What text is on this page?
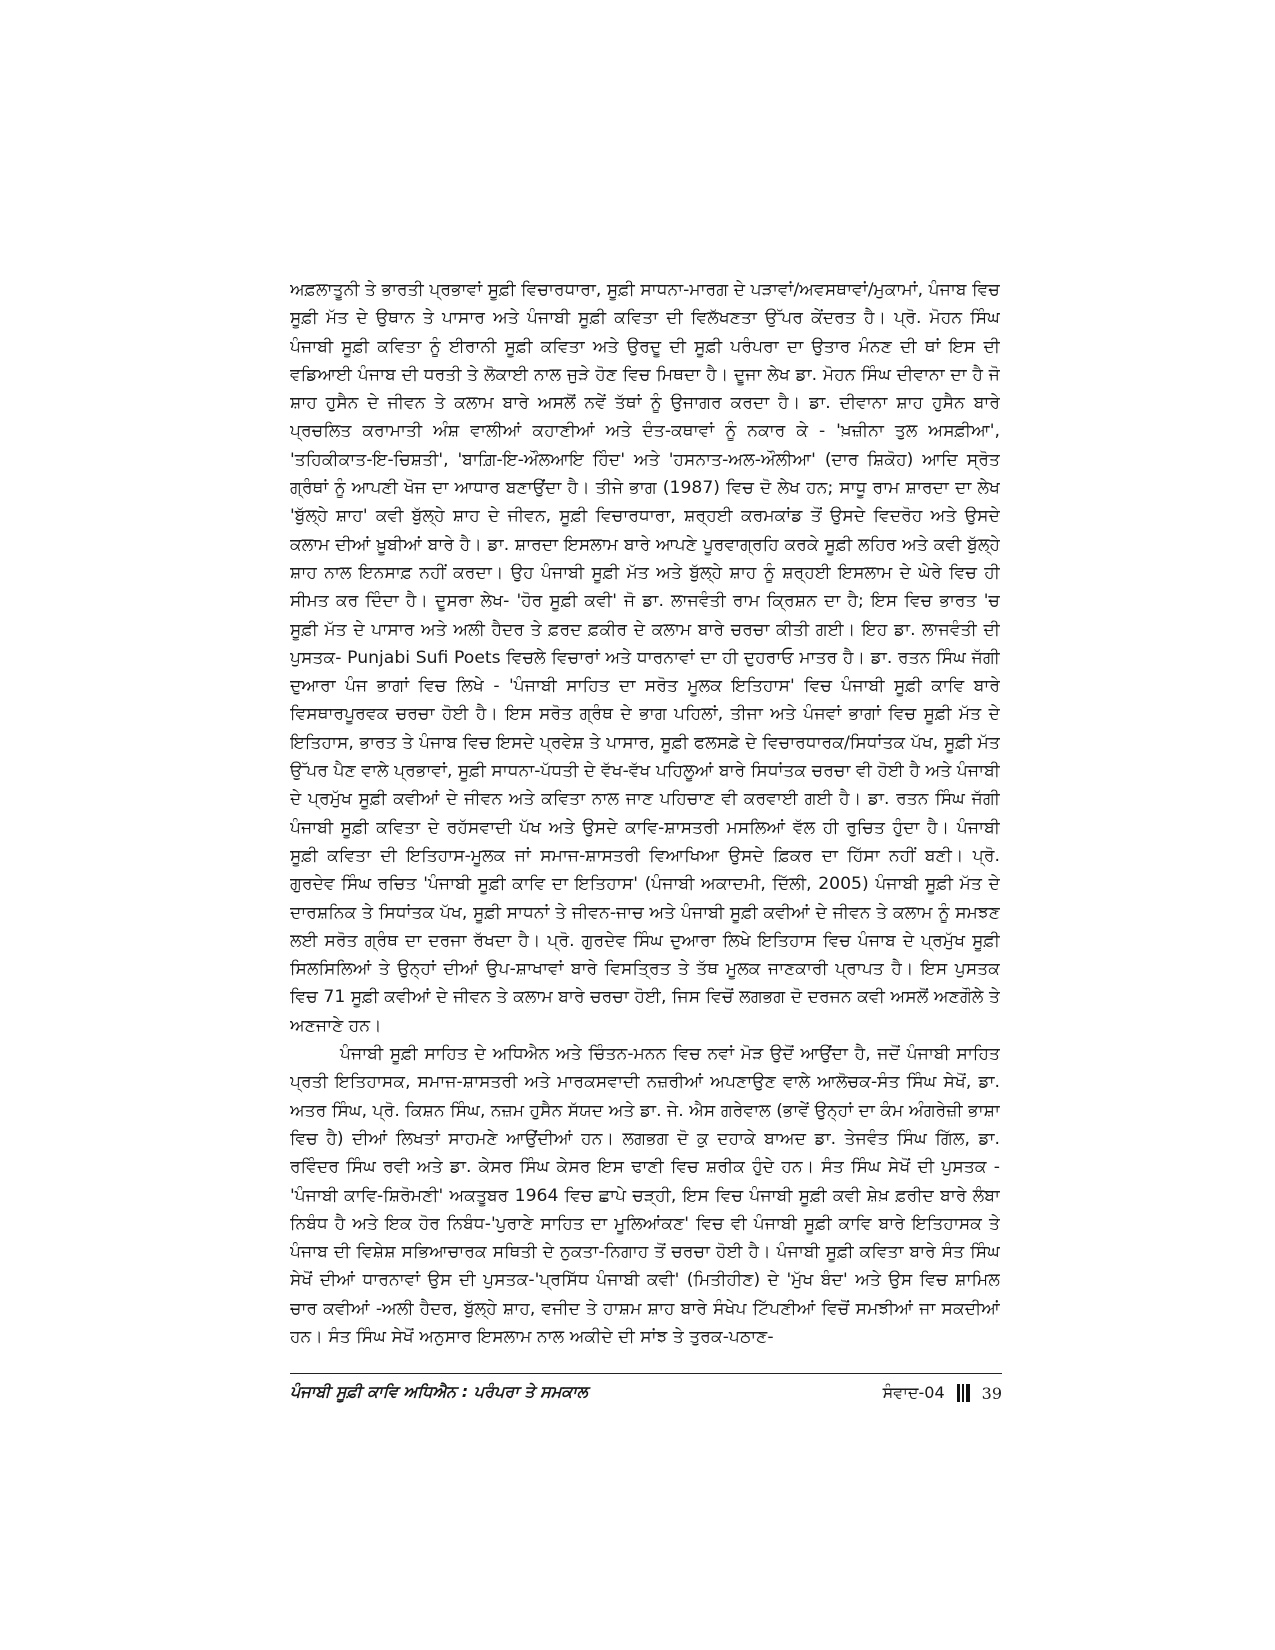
ਅਫ਼ਲਾਤੂਨੀ ਤੇ ਭਾਰਤੀ ਪ੍ਰਭਾਵਾਂ ਸੂਫ਼ੀ ਵਿਚਾਰਧਾਰਾ, ਸੂਫ਼ੀ ਸਾਧਨਾ-ਮਾਰਗ ਦੇ ਪੜਾਵਾਂ/ਅਵਸਥਾਵਾਂ/ਮੁਕਾਮਾਂ, ਪੰਜਾਬ ਵਿਚ ਸੂਫ਼ੀ ਮੱਤ ਦੇ ਉਥਾਨ ਤੇ ਪਾਸਾਰ ਅਤੇ ਪੰਜਾਬੀ ਸੂਫ਼ੀ ਕਵਿਤਾ ਦੀ ਵਿਲੱਖਣਤਾ ਉੱਪਰ ਕੇਂਦਰਤ ਹੈ। ਪ੍ਰੋ. ਮੋਹਨ ਸਿੰਘ ਪੰਜਾਬੀ ਸੂਫ਼ੀ ਕਵਿਤਾ ਨੂੰ ਈਰਾਨੀ ਸੂਫ਼ੀ ਕਵਿਤਾ ਅਤੇ ਉਰਦੂ ਦੀ ਸੂਫ਼ੀ ਪਰੰਪਰਾ ਦਾ ਉਤਾਰ ਮੰਨਣ ਦੀ ਥਾਂ ਇਸ ਦੀ ਵਡਿਆਈ ਪੰਜਾਬ ਦੀ ਧਰਤੀ ਤੇ ਲੋਕਾਈ ਨਾਲ ਜੁੜੇ ਹੋਣ ਵਿਚ ਮਿਥਦਾ ਹੈ। ਦੂਜਾ ਲੇਖ ਡਾ. ਮੋਹਨ ਸਿੰਘ ਦੀਵਾਨਾ ਦਾ ਹੈ ਜੋ ਸ਼ਾਹ ਹੁਸੈਨ ਦੇ ਜੀਵਨ ਤੇ ਕਲਾਮ ਬਾਰੇ ਅਸਲੋਂ ਨਵੇਂ ਤੱਥਾਂ ਨੂੰ ਉਜਾਗਰ ਕਰਦਾ ਹੈ। ਡਾ. ਦੀਵਾਨਾ ਸ਼ਾਹ ਹੁਸੈਨ ਬਾਰੇ ਪ੍ਰਚਲਿਤ ਕਰਾਮਾਤੀ ਅੰਸ਼ ਵਾਲੀਆਂ ਕਹਾਣੀਆਂ ਅਤੇ ਦੰਤ-ਕਥਾਵਾਂ ਨੂੰ ਨਕਾਰ ਕੇ - 'ਖ਼ਜ਼ੀਨਾ ਤੁਲ ਅਸਫ਼ੀਆ', 'ਤਹਿਕੀਕਾਤ-ਇ-ਚਿਸ਼ਤੀ', 'ਬਾਗ਼ਿ-ਇ-ਔਲਆਇ ਹਿੰਦ' ਅਤੇ 'ਹਸਨਾਤ-ਅਲ-ਔਲੀਆ' (ਦਾਰ ਸ਼ਿਕੋਹ) ਆਦਿ ਸ੍ਰੋਤ ਗ੍ਰੰਥਾਂ ਨੂੰ ਆਪਣੀ ਖੋਜ ਦਾ ਆਧਾਰ ਬਣਾਉਂਦਾ ਹੈ। ਤੀਜੇ ਭਾਗ (1987) ਵਿਚ ਦੋ ਲੇਖ ਹਨ; ਸਾਧੂ ਰਾਮ ਸ਼ਾਰਦਾ ਦਾ ਲੇਖ 'ਬੁੱਲ੍ਹੇ ਸ਼ਾਹ' ਕਵੀ ਬੁੱਲ੍ਹੇ ਸ਼ਾਹ ਦੇ ਜੀਵਨ, ਸੂਫ਼ੀ ਵਿਚਾਰਧਾਰਾ, ਸ਼ਰ੍ਹਈ ਕਰਮਕਾਂਡ ਤੋਂ ਉਸਦੇ ਵਿਦਰੋਹ ਅਤੇ ਉਸਦੇ ਕਲਾਮ ਦੀਆਂ ਖ਼ੂਬੀਆਂ ਬਾਰੇ ਹੈ। ਡਾ. ਸ਼ਾਰਦਾ ਇਸਲਾਮ ਬਾਰੇ ਆਪਣੇ ਪੂਰਵਾਗ੍ਰਹਿ ਕਰਕੇ ਸੂਫ਼ੀ ਲਹਿਰ ਅਤੇ ਕਵੀ ਬੁੱਲ੍ਹੇ ਸ਼ਾਹ ਨਾਲ ਇਨਸਾਫ਼ ਨਹੀਂ ਕਰਦਾ। ਉਹ ਪੰਜਾਬੀ ਸੂਫ਼ੀ ਮੱਤ ਅਤੇ ਬੁੱਲ੍ਹੇ ਸ਼ਾਹ ਨੂੰ ਸ਼ਰ੍ਹਈ ਇਸਲਾਮ ਦੇ ਘੇਰੇ ਵਿਚ ਹੀ ਸੀਮਤ ਕਰ ਦਿੰਦਾ ਹੈ। ਦੂਸਰਾ ਲੇਖ- 'ਹੋਰ ਸੂਫ਼ੀ ਕਵੀ' ਜੋ ਡਾ. ਲਾਜਵੰਤੀ ਰਾਮ ਕ੍ਰਿਸ਼ਨ ਦਾ ਹੈ; ਇਸ ਵਿਚ ਭਾਰਤ 'ਚ ਸੂਫ਼ੀ ਮੱਤ ਦੇ ਪਾਸਾਰ ਅਤੇ ਅਲੀ ਹੈਦਰ ਤੇ ਫ਼ਰਦ ਫ਼ਕੀਰ ਦੇ ਕਲਾਮ ਬਾਰੇ ਚਰਚਾ ਕੀਤੀ ਗਈ। ਇਹ ਡਾ. ਲਾਜਵੰਤੀ ਦੀ ਪੁਸਤਕ- Punjabi Sufi Poets ਵਿਚਲੇ ਵਿਚਾਰਾਂ ਅਤੇ ਧਾਰਨਾਵਾਂ ਦਾ ਹੀ ਦੁਹਰਾਓ ਮਾਤਰ ਹੈ। ਡਾ. ਰਤਨ ਸਿੰਘ ਜੱਗੀ ਦੁਆਰਾ ਪੰਜ ਭਾਗਾਂ ਵਿਚ ਲਿਖੇ - 'ਪੰਜਾਬੀ ਸਾਹਿਤ ਦਾ ਸਰੋਤ ਮੂਲਕ ਇਤਿਹਾਸ' ਵਿਚ ਪੰਜਾਬੀ ਸੂਫ਼ੀ ਕਾਵਿ ਬਾਰੇ ਵਿਸਥਾਰਪੂਰਵਕ ਚਰਚਾ ਹੋਈ ਹੈ। ਇਸ ਸਰੋਤ ਗ੍ਰੰਥ ਦੇ ਭਾਗ ਪਹਿਲਾਂ, ਤੀਜਾ ਅਤੇ ਪੰਜਵਾਂ ਭਾਗਾਂ ਵਿਚ ਸੂਫ਼ੀ ਮੱਤ ਦੇ ਇਤਿਹਾਸ, ਭਾਰਤ ਤੇ ਪੰਜਾਬ ਵਿਚ ਇਸਦੇ ਪ੍ਰਵੇਸ਼ ਤੇ ਪਾਸਾਰ, ਸੂਫ਼ੀ ਫਲਸਫ਼ੇ ਦੇ ਵਿਚਾਰਧਾਰਕ/ਸਿਧਾਂਤਕ ਪੱਖ, ਸੂਫ਼ੀ ਮੱਤ ਉੱਪਰ ਪੈਣ ਵਾਲੇ ਪ੍ਰਭਾਵਾਂ, ਸੂਫ਼ੀ ਸਾਧਨਾ-ਪੱਧਤੀ ਦੇ ਵੱਖ-ਵੱਖ ਪਹਿਲੂਆਂ ਬਾਰੇ ਸਿਧਾਂਤਕ ਚਰਚਾ ਵੀ ਹੋਈ ਹੈ ਅਤੇ ਪੰਜਾਬੀ ਦੇ ਪ੍ਰਮੁੱਖ ਸੂਫ਼ੀ ਕਵੀਆਂ ਦੇ ਜੀਵਨ ਅਤੇ ਕਵਿਤਾ ਨਾਲ ਜਾਣ ਪਹਿਚਾਣ ਵੀ ਕਰਵਾਈ ਗਈ ਹੈ। ਡਾ. ਰਤਨ ਸਿੰਘ ਜੱਗੀ ਪੰਜਾਬੀ ਸੂਫ਼ੀ ਕਵਿਤਾ ਦੇ ਰਹੱਸਵਾਦੀ ਪੱਖ ਅਤੇ ਉਸਦੇ ਕਾਵਿ-ਸ਼ਾਸਤਰੀ ਮਸਲਿਆਂ ਵੱਲ ਹੀ ਰੁਚਿਤ ਹੁੰਦਾ ਹੈ। ਪੰਜਾਬੀ ਸੂਫ਼ੀ ਕਵਿਤਾ ਦੀ ਇਤਿਹਾਸ-ਮੂਲਕ ਜਾਂ ਸਮਾਜ-ਸ਼ਾਸਤਰੀ ਵਿਆਖਿਆ ਉਸਦੇ ਫ਼ਿਕਰ ਦਾ ਹਿੱਸਾ ਨਹੀਂ ਬਣੀ। ਪ੍ਰੋ. ਗੁਰਦੇਵ ਸਿੰਘ ਰਚਿਤ 'ਪੰਜਾਬੀ ਸੂਫ਼ੀ ਕਾਵਿ ਦਾ ਇਤਿਹਾਸ' (ਪੰਜਾਬੀ ਅਕਾਦਮੀ, ਦਿੱਲੀ, 2005) ਪੰਜਾਬੀ ਸੂਫ਼ੀ ਮੱਤ ਦੇ ਦਾਰਸ਼ਨਿਕ ਤੇ ਸਿਧਾਂਤਕ ਪੱਖ, ਸੂਫ਼ੀ ਸਾਧਨਾਂ ਤੇ ਜੀਵਨ-ਜਾਚ ਅਤੇ ਪੰਜਾਬੀ ਸੂਫ਼ੀ ਕਵੀਆਂ ਦੇ ਜੀਵਨ ਤੇ ਕਲਾਮ ਨੂੰ ਸਮਝਣ ਲਈ ਸਰੋਤ ਗ੍ਰੰਥ ਦਾ ਦਰਜਾ ਰੱਖਦਾ ਹੈ। ਪ੍ਰੋ. ਗੁਰਦੇਵ ਸਿੰਘ ਦੁਆਰਾ ਲਿਖੇ ਇਤਿਹਾਸ ਵਿਚ ਪੰਜਾਬ ਦੇ ਪ੍ਰਮੁੱਖ ਸੂਫ਼ੀ ਸਿਲਸਿਲਿਆਂ ਤੇ ਉਨ੍ਹਾਂ ਦੀਆਂ ਉਪ-ਸ਼ਾਖਾਵਾਂ ਬਾਰੇ ਵਿਸਤ੍ਰਿਤ ਤੇ ਤੱਥ ਮੂਲਕ ਜਾਣਕਾਰੀ ਪ੍ਰਾਪਤ ਹੈ। ਇਸ ਪੁਸਤਕ ਵਿਚ 71 ਸੂਫ਼ੀ ਕਵੀਆਂ ਦੇ ਜੀਵਨ ਤੇ ਕਲਾਮ ਬਾਰੇ ਚਰਚਾ ਹੋਈ, ਜਿਸ ਵਿਚੋਂ ਲਗਭਗ ਦੋ ਦਰਜਨ ਕਵੀ ਅਸਲੋਂ ਅਣਗੌਲੇ ਤੇ ਅਣਜਾਣੇ ਹਨ।

ਪੰਜਾਬੀ ਸੂਫ਼ੀ ਸਾਹਿਤ ਦੇ ਅਧਿਐਨ ਅਤੇ ਚਿੰਤਨ-ਮਨਨ ਵਿਚ ਨਵਾਂ ਮੋੜ ਉਦੋਂ ਆਉਂਦਾ ਹੈ, ਜਦੋਂ ਪੰਜਾਬੀ ਸਾਹਿਤ ਪ੍ਰਤੀ ਇਤਿਹਾਸਕ, ਸਮਾਜ-ਸ਼ਾਸਤਰੀ ਅਤੇ ਮਾਰਕਸਵਾਦੀ ਨਜ਼ਰੀਆਂ ਅਪਣਾਉਣ ਵਾਲੇ ਆਲੋਚਕ-ਸੰਤ ਸਿੰਘ ਸੇਖੋਂ, ਡਾ. ਅਤਰ ਸਿੰਘ, ਪ੍ਰੋ. ਕਿਸ਼ਨ ਸਿੰਘ, ਨਜ਼ਮ ਹੁਸੈਨ ਸੱਯਦ ਅਤੇ ਡਾ. ਜੇ. ਐਸ ਗਰੇਵਾਲ (ਭਾਵੇਂ ਉਨ੍ਹਾਂ ਦਾ ਕੰਮ ਅੰਗਰੇਜ਼ੀ ਭਾਸ਼ਾ ਵਿਚ ਹੈ) ਦੀਆਂ ਲਿਖਤਾਂ ਸਾਹਮਣੇ ਆਉਂਦੀਆਂ ਹਨ। ਲਗਭਗ ਦੋ ਕੁ ਦਹਾਕੇ ਬਾਅਦ ਡਾ. ਤੇਜਵੰਤ ਸਿੰਘ ਗਿੱਲ, ਡਾ. ਰਵਿੰਦਰ ਸਿੰਘ ਰਵੀ ਅਤੇ ਡਾ. ਕੇਸਰ ਸਿੰਘ ਕੇਸਰ ਇਸ ਢਾਣੀ ਵਿਚ ਸ਼ਰੀਕ ਹੁੰਦੇ ਹਨ। ਸੰਤ ਸਿੰਘ ਸੇਖੋਂ ਦੀ ਪੁਸਤਕ -'ਪੰਜਾਬੀ ਕਾਵਿ-ਸ਼ਿਰੋਮਣੀ' ਅਕਤੂਬਰ 1964 ਵਿਚ ਛਾਪੇ ਚੜ੍ਹੀ, ਇਸ ਵਿਚ ਪੰਜਾਬੀ ਸੂਫ਼ੀ ਕਵੀ ਸ਼ੇਖ਼ ਫ਼ਰੀਦ ਬਾਰੇ ਲੰਬਾ ਨਿਬੰਧ ਹੈ ਅਤੇ ਇਕ ਹੋਰ ਨਿਬੰਧ-'ਪੁਰਾਣੇ ਸਾਹਿਤ ਦਾ ਮੂਲਿਆਂਕਣ' ਵਿਚ ਵੀ ਪੰਜਾਬੀ ਸੂਫ਼ੀ ਕਾਵਿ ਬਾਰੇ ਇਤਿਹਾਸਕ ਤੇ ਪੰਜਾਬ ਦੀ ਵਿਸ਼ੇਸ਼ ਸਭਿਆਚਾਰਕ ਸਥਿਤੀ ਦੇ ਨੁਕਤਾ-ਨਿਗਾਹ ਤੋਂ ਚਰਚਾ ਹੋਈ ਹੈ। ਪੰਜਾਬੀ ਸੂਫ਼ੀ ਕਵਿਤਾ ਬਾਰੇ ਸੰਤ ਸਿੰਘ ਸੇਖੋਂ ਦੀਆਂ ਧਾਰਨਾਵਾਂ ਉਸ ਦੀ ਪੁਸਤਕ-'ਪ੍ਰਸਿੱਧ ਪੰਜਾਬੀ ਕਵੀ' (ਮਿਤੀਹੀਣ) ਦੇ 'ਮੁੱਖ ਬੰਦ' ਅਤੇ ਉਸ ਵਿਚ ਸ਼ਾਮਿਲ ਚਾਰ ਕਵੀਆਂ -ਅਲੀ ਹੈਦਰ, ਬੁੱਲ੍ਹੇ ਸ਼ਾਹ, ਵਜੀਦ ਤੇ ਹਾਸ਼ਮ ਸ਼ਾਹ ਬਾਰੇ ਸੰਖੇਪ ਟਿੱਪਣੀਆਂ ਵਿਚੋਂ ਸਮਝੀਆਂ ਜਾ ਸਕਦੀਆਂ ਹਨ। ਸੰਤ ਸਿੰਘ ਸੇਖੋਂ ਅਨੁਸਾਰ ਇਸਲਾਮ ਨਾਲ ਅਕੀਦੇ ਦੀ ਸਾਂਝ ਤੇ ਤੁਰਕ-ਪਠਾਣ-

ਪੰਜਾਬੀ ਸੂਫ਼ੀ ਕਾਵਿ ਅਧਿਐਨ : ਪਰੰਪਰਾ ਤੇ ਸਮਕਾਲ	ਸੰਵਾਦ-04 39
